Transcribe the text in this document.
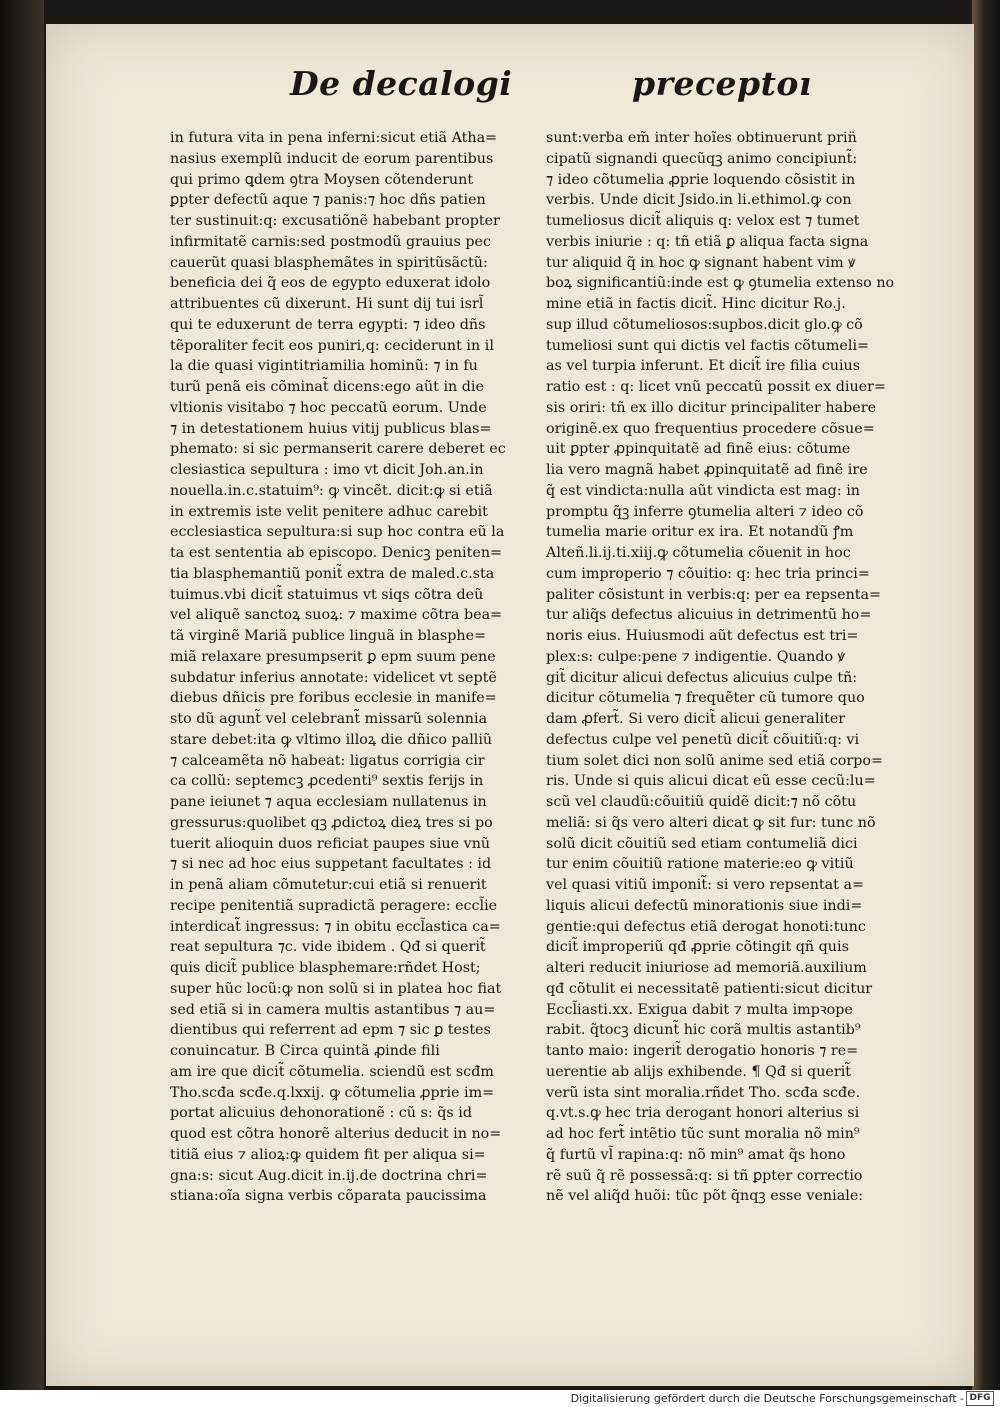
De decalogi	preceptoı
in futura vita in pena inferni:sicut etiã Atha=
nasius exemplũ inducit de eorum parentibus
qui primo ꝗdem ꝯtra Moysen cõtenderunt
ꝑpter defectũ aque ⁊ panis:⁊ hoc dñs patien
ter sustinuit:q: excusatiõnẽ habebant propter
infirmitatẽ carnis:sed postmodũ grauius pec
cauerũt quasi blasphemãtes in spiritũsãctũ:
beneficia dei q̃ eos de egypto eduxerat idolo
attribuentes cũ dixerunt. Hi sunt dij tui isrl̃
qui te eduxerunt de terra egypti: ⁊ ideo dñs
tẽporaliter fecit eos puniri,q: ceciderunt in il
la die quasi vigintitriamilia hominũ: ⁊ in fu
turũ penã eis cõminat̃ dicens:ego aũt in die
vltionis visitabo ⁊ hoc peccatũ eorum. Unde
⁊ in detestationem huius vitij publicus blas=
phemato: si sic permanserit carere deberet ec
clesiastica sepultura : imo vt dicit Joh.an.in
nouella.in.c.statuim⁹: ꝙ vincẽt. dicit:ꝙ si etiã
in extremis iste velit penitere adhuc carebit
ecclesiastica sepultura:si sup hoc contra eũ la
ta est sententia ab episcopo. Denicꝫ peniten=
tia blasphemantiũ ponit̃ extra de maled.c.sta
tuimus.vbi dicit̃ statuimus vt siqs cõtra deũ
vel aliquẽ sanctoꝝ suoꝝ: ⁊ maxime cõtra bea=
tã virginẽ Mariã publice linguã in blasphe=
miã relaxare presumpserit ꝑ epm suum pene
subdatur inferius annotate: videlicet vt septẽ
diebus dñicis pre foribus ecclesie in manife=
sto dũ agunt̃ vel celebrant̃ missarũ solennia
stare debet:ita ꝙ vltimo illoꝝ die dñico palliũ
⁊ calceamẽta nõ habeat: ligatus corrigia cir
ca collũ: septemcꝫ ꝓcedenti⁹ sextis ferijs in
pane ieiunet ⁊ aqua ecclesiam nullatenus in
gressurus:quolibet qꝫ ꝓdictoꝝ dieꝝ tres si po
tuerit alioquin duos reficiat paupes siue vnũ
⁊ si nec ad hoc eius suppetant facultates : id
in penã aliam cõmutetur:cui etiã si renuerit
recipe penitentiã supradictã peragere: eccl̃ie
interdicat̃ ingressus: ⁊ in obitu eccl̃astica ca=
reat sepultura ⁊c. vide ibidem . Qđ si querit̃
quis dicit̃ publice blasphemare:rñdet Host;
super hũc locũ:ꝙ non solũ si in platea hoc fiat
sed etiã si in camera multis astantibus ⁊ au=
dientibus qui referrent ad epm ⁊ sic ꝑ testes
conuincatur. B Circa quintã ꝓinde fili
am ire que dicit̃ cõtumelia. sciendũ est scđm
Tho.scđa scđe.q.lxxij. ꝙ cõtumelia ꝓprie im=
portat alicuius dehonorationẽ : cũ s: q̃s id
quod est cõtra honorẽ alterius deducit in no=
titiã eius ⁊ alioꝝ:ꝙ quidem fit per aliqua si=
gna:s: sicut Aug.dicit in.ij.de doctrina chri=
stiana:oĩa signa verbis cõparata paucissima
sunt:verba em̃ inter hoĩes obtinuerunt prin̈
cipatũ signandi quecũqꝫ animo concipiunt̃:
⁊ ideo cõtumelia ꝓprie loquendo cõsistit in
verbis. Unde dicit Jsido.in li.ethimol.ꝙ con
tumeliosus dicit̃ aliquis q: velox est ⁊ tumet
verbis iniurie : q: tñ etiã ꝑ aliqua facta signa
tur aliquid q̃ in hoc ꝙ signant habent vim ꝟ
boꝝ significantiũ:inde est ꝙ ꝯtumelia extenso no
mine etiã in factis dicit̃. Hinc dicitur Ro.j.
sup illud cõtumeliosos:supbos.dicit glo.ꝙ cõ
tumeliosi sunt qui dictis vel factis cõtumeli=
as vel turpia inferunt. Et dicit̃ ire filia cuius
ratio est : q: licet vnũ peccatũ possit ex diuer=
sis oriri: tñ ex illo dicitur principaliter habere
originẽ.ex quo frequentius procedere cõsue=
uit ꝑpter ꝓpinquitatẽ ad finẽ eius: cõtume
lia vero magnã habet ꝓpinquitatẽ ad finẽ ire
q̃ est vindicta:nulla aũt vindicta est mag: in
promptu q̃ꝫ inferre ꝯtumelia alteri ⁊ ideo cõ
tumelia marie oritur ex ira. Et notandũ ꝭm
Alteñ.li.ij.ti.xiij.ꝙ cõtumelia cõuenit in hoc
cum improperio ⁊ cõuitio: q: hec tria princi=
paliter cõsistunt in verbis:q: per ea repsenta=
tur aliq̃s defectus alicuius in detrimentũ ho=
noris eius. Huiusmodi aũt defectus est tri=
plex:s: culpe:pene ⁊ indigentie. Quando ꝟ
git̃ dicitur alicui defectus alicuius culpe tñ:
dicitur cõtumelia ⁊ frequẽter cũ tumore quo
dam ꝓfert̃. Si vero dicit̃ alicui generaliter
defectus culpe vel penetũ dicit̃ cõuitiũ:q: vi
tium solet dici non solũ anime sed etiã corpo=
ris. Unde si quis alicui dicat eũ esse cecũ:lu=
scũ vel claudũ:cõuitiũ quidẽ dicit:⁊ nõ cõtu
meliã: si q̃s vero alteri dicat ꝙ sit fur: tunc nõ
solũ dicit cõuitiũ sed etiam contumeliã dici
tur enim cõuitiũ ratione materie:eo ꝙ vitiũ
vel quasi vitiũ imponit̃: si vero repsentat a=
liquis alicui defectũ minorationis siue indi=
gentie:qui defectus etiã derogat honoti:tunc
dicit̃ improperiũ qđ ꝓprie cõtingit qñ quis
alteri reducit iniuriose ad memoriã.auxilium
qđ cõtulit ei necessitatẽ patienti:sicut dicitur
Eccl̃iasti.xx. Exigua dabit ⁊ multa impꝛope
rabit. q̃tocꝫ dicunt̃ hic corã multis astantib⁹
tanto maio: ingerit̃ derogatio honoris ⁊ re=
uerentie ab alijs exhibende. ¶ Qđ si querit̃
verũ ista sint moralia.rñdet Tho. scđa scđe.
q.vt.s.ꝙ hec tria derogant honori alterius si
ad hoc fert̃ intẽtio tũc sunt moralia nõ min⁹
q̃ furtũ vl̃ rapina:q: nõ min⁹ amat q̃s hono
rẽ suũ q̃ rẽ possessã:q: si tñ ꝑpter correctio
nẽ vel aliq̃d huõi: tũc põt q̃nqꝫ esse veniale:
Digitalisierung gefördert durch die Deutsche Forschungsgemeinschaft - DFG
